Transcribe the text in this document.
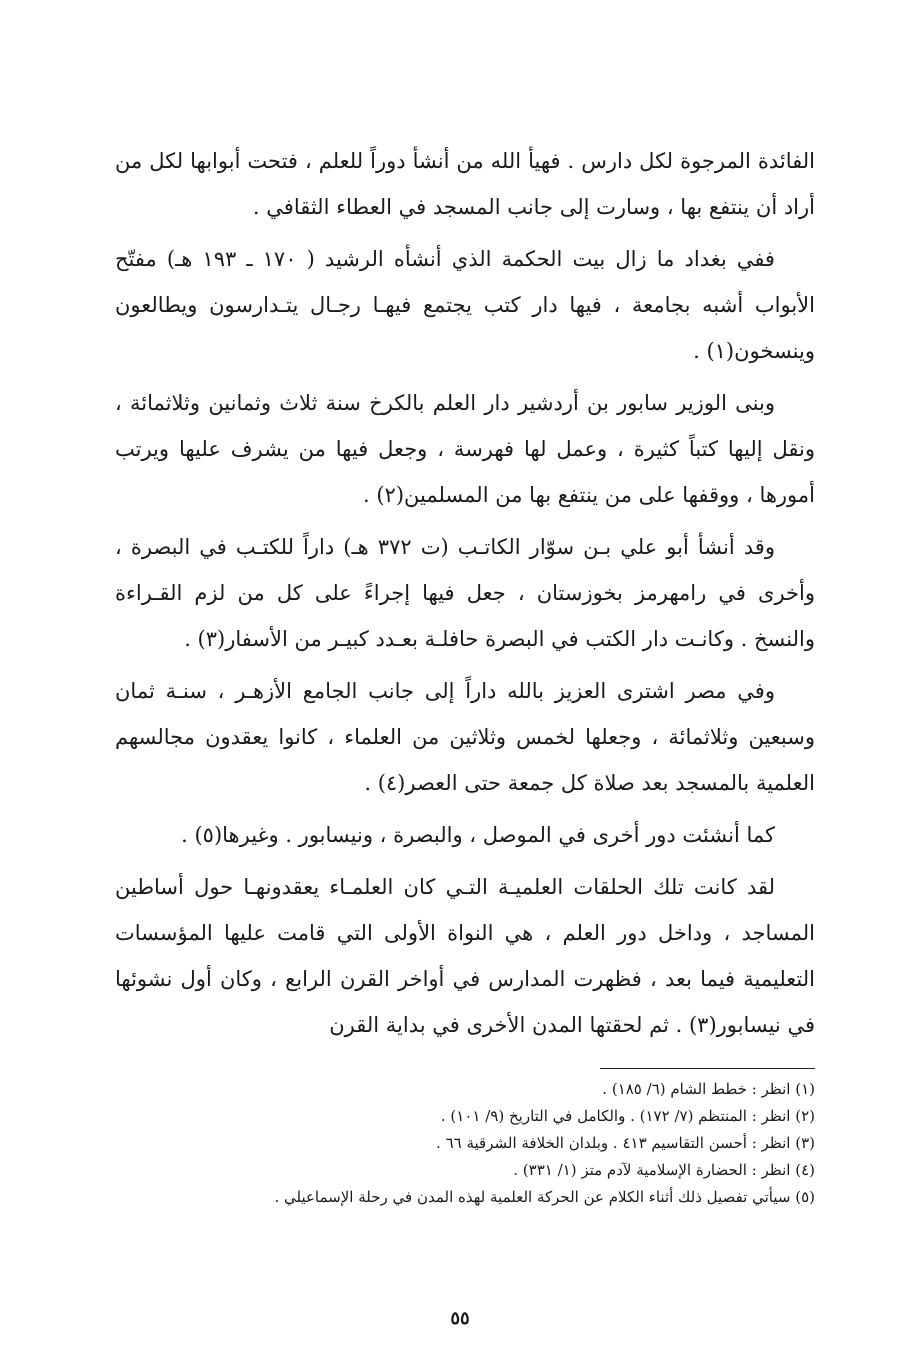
الفائدة المرجوة لكل دارس . فهيأ الله من أنشأ دوراً للعلم ، فتحت أبوابها لكل من أراد أن ينتفع بها ، وسارت إلى جانب المسجد في العطاء الثقافي .

ففي بغداد ما زال بيت الحكمة الذي أنشأه الرشيد ( ١٧٠ ـ ١٩٣ هـ) مفتّح الأبواب أشبه بجامعة ، فيها دار كتب يجتمع فيهـا رجـال يتـدارسون ويطالعون وينسخون(١) .

وبنى الوزير سابور بن أردشير دار العلم بالكرخ سنة ثلاث وثمانين وثلاثمائة ، ونقل إليها كتباً كثيرة ، وعمل لها فهرسة ، وجعل فيها من يشرف عليها ويرتب أمورها ، ووقفها على من ينتفع بها من المسلمين(٢) .

وقد أنشأ أبو علي بـن سوّار الكاتـب (ت ٣٧٢ هـ) داراً للكتـب في البصرة ، وأخرى في رامهرمز بخوزستان ، جعل فيها إجراءً على كل من لزم القـراءة والنسخ . وكانـت دار الكتب في البصرة حافلـة بعـدد كبيـر من الأسفار(٣) .

وفي مصر اشترى العزيز بالله داراً إلى جانب الجامع الأزهـر ، سنـة ثمان وسبعين وثلاثمائة ، وجعلها لخمس وثلاثين من العلماء ، كانوا يعقدون مجالسهم العلمية بالمسجد بعد صلاة كل جمعة حتى العصر(٤) .

كما أنشئت دور أخرى في الموصل ، والبصرة ، ونيسابور . وغيرها(٥) .

لقد كانت تلك الحلقات العلميـة التـي كان العلمـاء يعقدونهـا حول أساطين المساجد ، وداخل دور العلم ، هي النواة الأولى التي قامت عليها المؤسسات التعليمية فيما بعد ، فظهرت المدارس في أواخر القرن الرابع ، وكان أول نشوئها في نيسابور(٣) . ثم لحقتها المدن الأخرى في بداية القرن

(١) انظر : خطط الشام (٦/ ١٨٥) .
(٢) انظر : المنتظم (٧/ ١٧٢) . والكامل في التاريخ (٩/ ١٠١) .
(٣) انظر : أحسن التقاسيم ٤١٣ . وبلدان الخلافة الشرقية ٦٦ .
(٤) انظر : الحضارة الإسلامية لآدم متز (١/ ٣٣١) .
(٥) سيأتي تفصيل ذلك أثناء الكلام عن الحركة العلمية لهذه المدن في رحلة الإسماعيلي .
٥٥
